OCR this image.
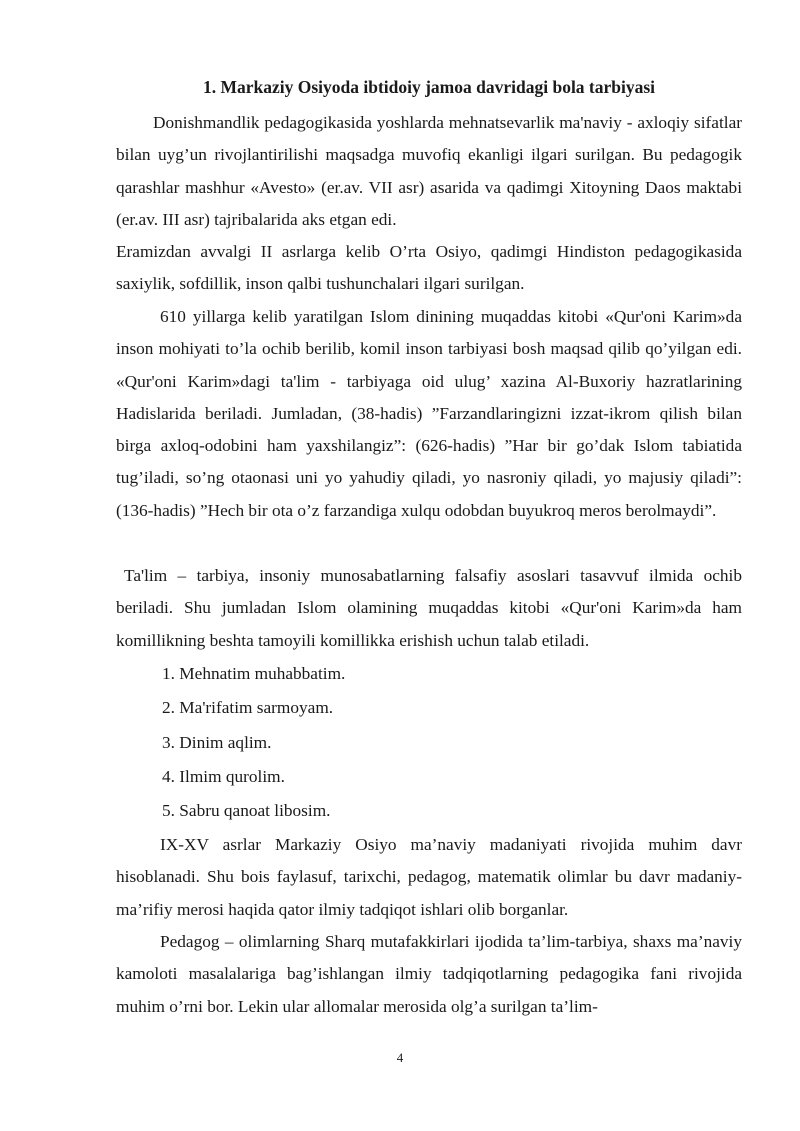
1. Markaziy Osiyoda ibtidoiy jamoa davridagi bola tarbiyasi

Donishmandlik pedagogikasida yoshlarda mehnatsevarlik ma'naviy - axloqiy sifatlar bilan uyg’un rivojlantirilishi maqsadga muvofiq ekanligi ilgari surilgan. Bu pedagogik qarashlar mashhur «Avesto» (er.av. VII asr) asarida va qadimgi Xitoyning Daos maktabi (er.av. III asr) tajribalarida aks etgan edi.

Eramizdan avvalgi II asrlarga kelib O’rta Osiyo, qadimgi Hindiston pedagogikasida saxiylik, sofdillik, inson qalbi tushunchalari ilgari surilgan.

610 yillarga kelib yaratilgan Islom dinining muqaddas kitobi «Qur'oni Karim»da inson mohiyati to’la ochib berilib, komil inson tarbiyasi bosh maqsad qilib qo’yilgan edi. «Qur'oni Karim»dagi ta'lim - tarbiyaga oid ulug’ xazina Al-Buxoriy hazratlarining Hadislarida beriladi. Jumladan, (38-hadis) ”Farzandlaringizni izzat-ikrom qilish bilan birga axloq-odobini ham yaxshilangiz”: (626-hadis) ”Har bir go’dak Islom tabiatida tug’iladi, so’ng otaonasi uni yo yahudiy qiladi, yo nasroniy qiladi, yo majusiy qiladi”: (136-hadis) ”Hech bir ota o’z farzandiga xulqu odobdan buyukroq meros berolmaydi”.

Ta'lim – tarbiya, insoniy munosabatlarning falsafiy asoslari tasavvuf ilmida ochib beriladi. Shu jumladan Islom olamining muqaddas kitobi «Qur'oni Karim»da ham komillikning beshta tamoyili komillikka erishish uchun talab etiladi.

1. Mehnatim muhabbatim.
2. Ma'rifatim sarmoyam.
3. Dinim aqlim.
4. Ilmim qurolim.
5. Sabru qanoat libosim.

IX-XV asrlar Markaziy Osiyo ma’naviy madaniyati rivojida muhim davr hisoblanadi. Shu bois faylasuf, tarixchi, pedagog, matematik olimlar bu davr madaniy-ma’rifiy merosi haqida qator ilmiy tadqiqot ishlari olib borganlar.

Pedagog – olimlarning Sharq mutafakkirlari ijodida ta’lim-tarbiya, shaxs ma’naviy kamoloti masalalariga bag’ishlangan ilmiy tadqiqotlarning pedagogika fani rivojida muhim o’rni bor. Lekin ular allomalar merosida olg’a surilgan ta’lim-

4
